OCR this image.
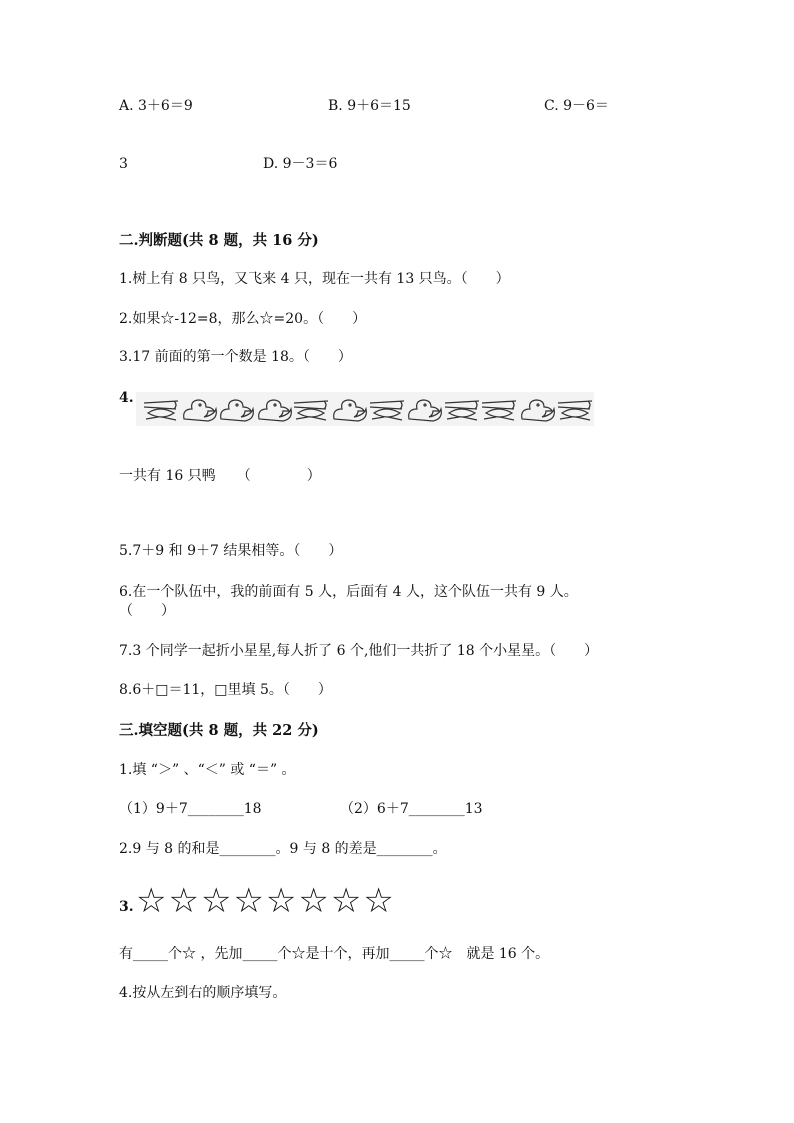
A. 3＋6＝9	B. 9＋6＝15	C. 9－6＝
3	D. 9－3＝6
二.判断题(共 8 题，共 16 分)
1.树上有 8 只鸟，又飞来 4 只，现在一共有 13 只鸟。（　　）
2.如果☆-12=8，那么☆=20。（　　）
3.17 前面的第一个数是 18。（　　）
4.
一共有 16 只鸭　　（　　　　）
5.7＋9 和 9＋7 结果相等。（　　）
6.在一个队伍中，我的前面有 5 人，后面有 4 人，这个队伍一共有 9 人。
（　　）
7.3 个同学一起折小星星,每人折了 6 个,他们一共折了 18 个小星星。（　　）
8.6＋□＝11，□里填 5。（　　）
三.填空题(共 8 题，共 22 分)
1.填 “＞” 、“＜” 或 “＝” 。
（1）9＋7________18	（2）6＋7________13
2.9 与 8 的和是________。9 与 8 的差是________。
3. ☆☆☆☆☆☆☆☆
有_____个☆ ，先加_____个☆是十个，再加_____个☆　就是 16 个。
4.按从左到右的顺序填写。
